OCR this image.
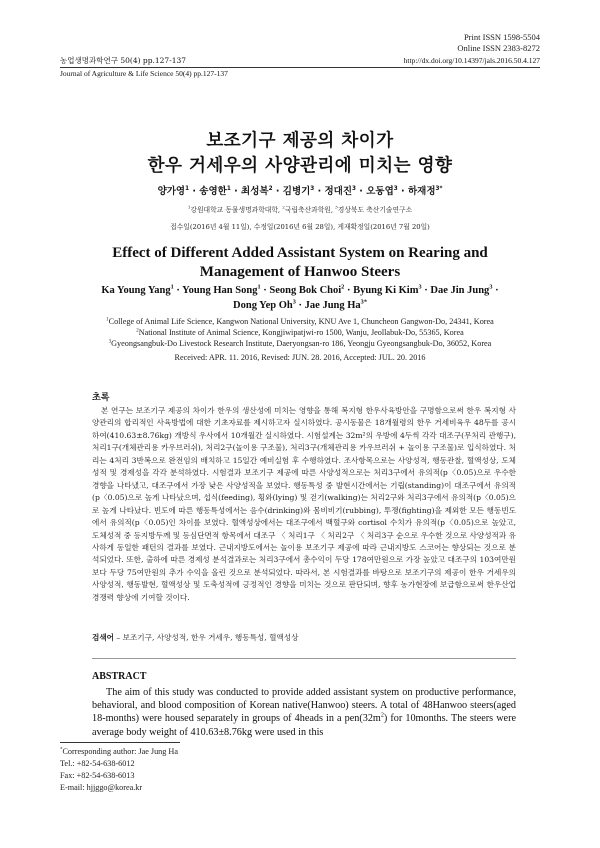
Print ISSN 1598-5504
Online ISSN 2383-8272
농업생명과학연구 50(4) pp.127-137	http://dx.doi.org/10.14397/jals.2016.50.4.127
Journal of Agriculture & Life Science 50(4) pp.127-137
보조기구 제공의 차이가
한우 거세우의 사양관리에 미치는 영향
양가영$^1$ · 송영한$^1$ · 최성복$^2$ · 김병기$^3$ · 정대진$^3$ · 오동엽$^3$ · 하재정$^{3*}$
$^1$강원대학교 동물생명과학대학, $^2$국립축산과학원, $^3$경상북도 축산기술연구소
접수일(2016년 4월 11일), 수정일(2016년 6월 28일), 게재확정일(2016년 7월 20일)
Effect of Different Added Assistant System on Rearing and
Management of Hanwoo Steers
Ka Young Yang$^1$ · Young Han Song$^1$ · Seong Bok Choi$^2$ · Byung Ki Kim$^3$ · Dae Jin Jung$^3$ ·
Dong Yep $Oh^3$ · Jae Jung $Ha^{3*}$
$^1$College of Animal Life Science, Kangwon National University, KNU Ave 1, Chuncheon Gangwon-Do, 24341, Korea
$^2$National Institute of Animal Science, Kongjiwipatjwi-ro 1500, Wanju, Jeollabuk-Do, 55365, Korea
$^3$Gyeongsangbuk-Do Livestock Research Institute, Daeryongsan-ro 186, Yeongju Gyeongsangbuk-Do, 36052, Korea
Received: APR. 11. 2016, Revised: JUN. 28. 2016, Accepted: JUL. 20. 2016
초록
본 연구는 보조기구 제공의 차이가 한우의 생산성에 미치는 영향을 통해 복지형 한우사육방안을 구명함으로써 한우 복지형 사양관리의 합리적인 사육방법에 대한 기초자료를 제시하고자 실시하였다. 공시동물은 18개월령의 한우 거세비육우 48두를 공시하여(410.63±8.76kg) 개방식 우사에서 10개월간 실시하였다. 시험설계는 32m²의 우방에 4두씩 각각 대조구(무처리 관행구), 처리1구(개체관리용 카우브러쉬), 처리2구(놀이용 구조물), 처리3구(개체관리용 카우브러쉬 + 놀이용 구조물)로 입식하였다. 처리는 4처리 3반복으로 완전임의 배치하고 15일간 예비실험 후 수행하였다. 조사항목으로는 사양성적, 행동관찰, 혈액성상, 도체성적 및 경제성을 각각 분석하였다. 시험결과 보조기구 제공에 따른 사양성적으로는 처리3구에서 유의적(p〈0.05)으로 우수한 경향을 나타냈고, 대조구에서 가장 낮은 사양성적을 보였다. 행동특성 중 발현시간에서는 기립(standing)이 대조구에서 유의적(p〈0.05)으로 높게 나타났으며, 섭식(feeding), 횡와(lying) 및 걷기(walking)는 처리2구와 처리3구에서 유의적(p〈0.05)으로 높게 나타났다. 빈도에 따른 행동특성에서는 음수(drinking)와 몸비비기(rubbing), 투쟁(fighting)을 제외한 모든 행동빈도에서 유의적(p〈0.05)인 차이를 보였다. 혈액성상에서는 대조구에서 백혈구와 cortisol 수치가 유의적(p〈0.05)으로 높았고, 도체성적 중 등지방두께 및 등심단면적 항목에서 대조구 〈 처리1구 〈 처리2구 〈 처리3구 순으로 우수한 것으로 사양성적과 유사하게 동일한 패턴의 결과를 보였다. 근내지방도에서는 놀이용 보조기구 제공에 따라 근내지방도 스코어는 향상되는 것으로 분석되었다. 또한, 출하에 따른 경제성 분석결과로는 처리3구에서 총수익이 두당 178여만원으로 가장 높았고 대조구의 103여만원 보다 두당 75여만원의 추가 수익을 올린 것으로 분석되었다. 따라서, 본 시험결과를 바탕으로 보조기구의 제공이 한우 거세우의 사양성적, 행동발현, 혈액성상 및 도축성적에 긍정적인 경향을 미치는 것으로 판단되며, 향후 농가현장에 보급함으로써 한우산업 경쟁력 향상에 기여할 것이다.
검색어 – 보조기구, 사양성적, 한우 거세우, 행동특성, 혈액성상
ABSTRACT
The aim of this study was conducted to provide added assistant system on productive performance, behavioral, and blood composition of Korean native(Hanwoo) steers. A total of 48Hanwoo steers(aged 18-months) were housed separately in groups of 4heads in a $pen(32m^2)$ for 10months. The steers were average body weight of 410.63±8.76kg were used in this
*Corresponding author: Jae Jung Ha
Tel.: +82-54-638-6012
Fax: +82-54-638-6013
E-mail: hjjggo@korea.kr
